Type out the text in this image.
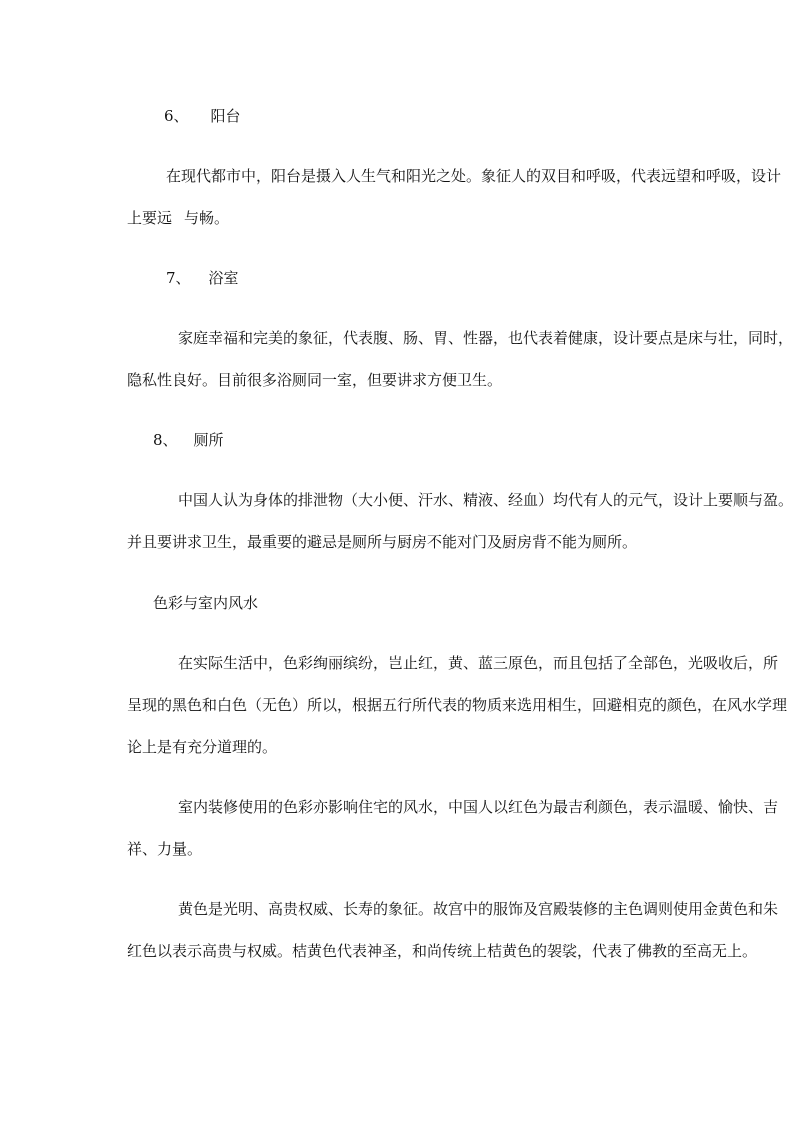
6、 阳台
在现代都市中，阳台是摄入人生气和阳光之处。象征人的双目和呼吸，代表远望和呼吸，设计
上要远 与畅。
7、 浴室
家庭幸福和完美的象征，代表腹、肠、胃、性器，也代表着健康，设计要点是床与壮，同时，
隐私性良好。目前很多浴厕同一室，但要讲求方便卫生。
8、 厕所
中国人认为身体的排泄物（大小便、汗水、精液、经血）均代有人的元气，设计上要顺与盈。
并且要讲求卫生，最重要的避忌是厕所与厨房不能对门及厨房背不能为厕所。
色彩与室内风水
在实际生活中，色彩绚丽缤纷，岂止红，黄、蓝三原色，而且包括了全部色，光吸收后，所
呈现的黑色和白色（无色）所以，根据五行所代表的物质来选用相生，回避相克的颜色，在风水学理
论上是有充分道理的。
室内装修使用的色彩亦影响住宅的风水，中国人以红色为最吉利颜色，表示温暖、愉快、吉
祥、力量。
黄色是光明、高贵权威、长寿的象征。故宫中的服饰及宫殿装修的主色调则使用金黄色和朱
红色以表示高贵与权威。桔黄色代表神圣，和尚传统上桔黄色的袈裟，代表了佛教的至高无上。
